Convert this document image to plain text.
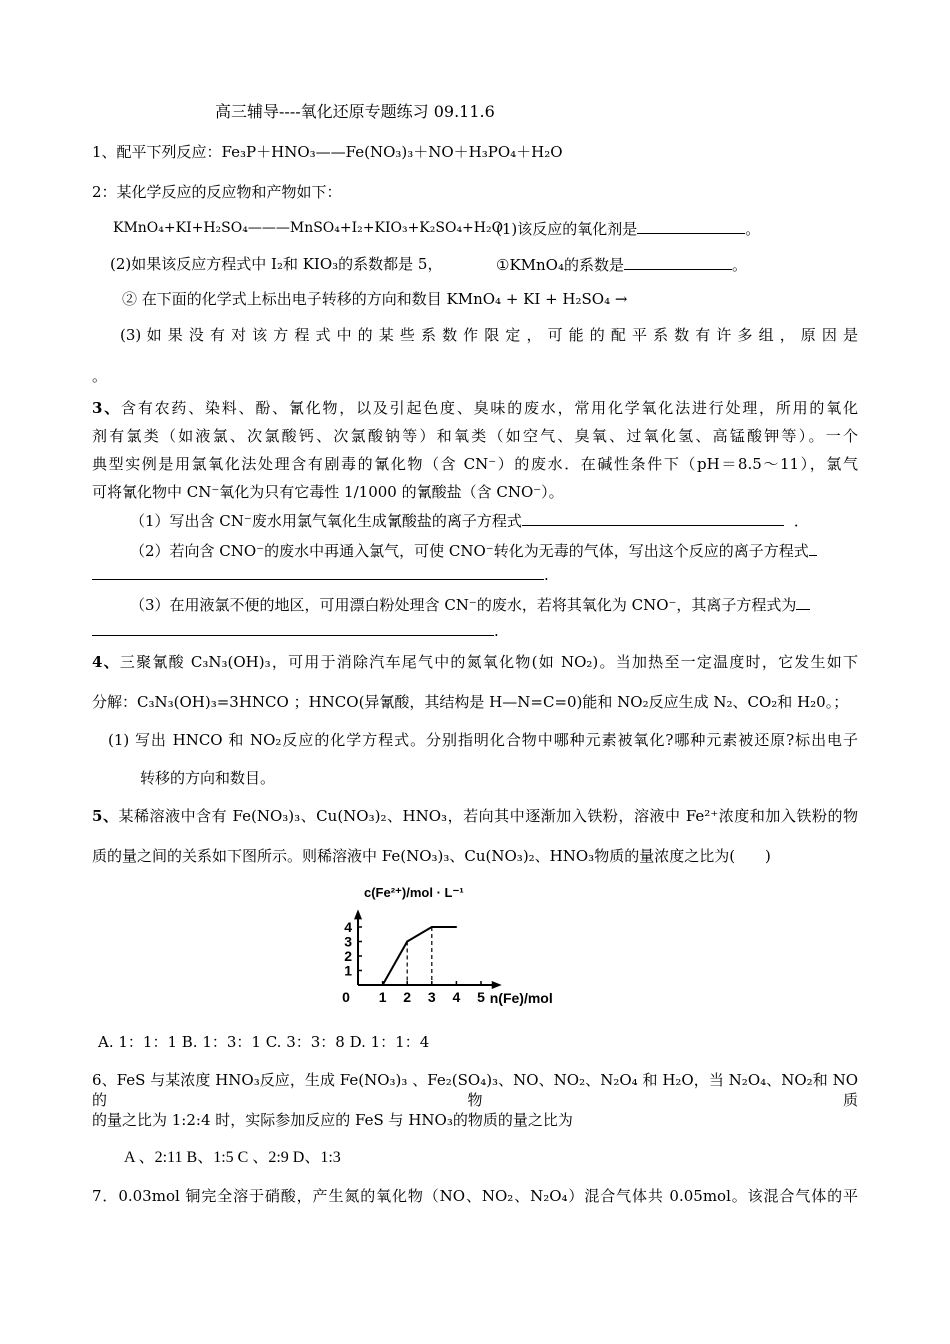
高三辅导----氧化还原专题练习 09.11.6
1、配平下列反应：Fe₃P＋HNO₃——Fe(NO₃)₃＋NO＋H₃PO₄＋H₂O
2：某化学反应的反应物和产物如下：
KMnO₄+KI+H₂SO₄———MnSO₄+I₂+KIO₃+K₂SO₄+H₂O
(1)该反应的氧化剂是	。
(2)如果该反应方程式中 I₂和 KIO₃的系数都是 5，	①KMnO₄的系数是	。
② 在下面的化学式上标出电子转移的方向和数目 KMnO₄ + KI + H₂SO₄ →
(3) 如 果 没 有 对 该 方 程 式 中 的 某 些 系 数 作 限 定 ， 可 能 的 配 平 系 数 有 许 多 组 ， 原 因 是
。
3、含有农药、染料、酚、氰化物，以及引起色度、臭味的废水，常用化学氧化法进行处理，所用的氧化
剂有氯类（如液氯、次氯酸钙、次氯酸钠等）和氧类（如空气、臭氧、过氧化氢、高锰酸钾等）。一个
典型实例是用氯氧化法处理含有剧毒的氰化物（含 CN⁻）的废水．在碱性条件下（pH＝8.5～11），氯气
可将氰化物中 CN⁻氧化为只有它毒性 1/1000 的氰酸盐（含 CNO⁻）。
（1）写出含 CN⁻废水用氯气氧化生成氰酸盐的离子方程式	．
（2）若向含 CNO⁻的废水中再通入氯气，可使 CNO⁻转化为无毒的气体，写出这个反应的离子方程式
.
（3）在用液氯不便的地区，可用漂白粉处理含 CN⁻的废水，若将其氧化为 CNO⁻，其离子方程式为
.
4、三聚氰酸 C₃N₃(OH)₃，可用于消除汽车尾气中的氮氧化物(如 NO₂)。当加热至一定温度时，它发生如下
分解：C₃N₃(OH)₃=3HNCO ；HNCO(异氰酸，其结构是 H—N=C=0)能和 NO₂反应生成 N₂、CO₂和 H₂0。；
(1) 写出 HNCO 和 NO₂反应的化学方程式。分别指明化合物中哪种元素被氧化?哪种元素被还原?标出电子
转移的方向和数目。
5、某稀溶液中含有 Fe(NO₃)₃、Cu(NO₃)₂、HNO₃，若向其中逐渐加入铁粉，溶液中 Fe²⁺浓度和加入铁粉的物
质的量之间的关系如下图所示。则稀溶液中 Fe(NO₃)₃、Cu(NO₃)₂、HNO₃物质的量浓度之比为(　　)
1 2 3 4 5
1
2
3
4
0
c(Fe²⁺)/mol · L⁻¹
n(Fe)/mol
A. 1：1：1 B. 1：3：1 C. 3：3：8 D. 1：1：4
6、FeS 与某浓度 HNO₃反应，生成 Fe(NO₃)₃ 、Fe₂(SO₄)₃、NO、NO₂、N₂O₄ 和 H₂O，当 N₂O₄、NO₂和 NO 的物质
的量之比为 1:2:4 时，实际参加反应的 FeS 与 HNO₃的物质的量之比为
A 、2:11 B、1:5 C 、2:9 D、1:3
7．0.03mol 铜完全溶于硝酸，产生氮的氧化物（NO、NO₂、N₂O₄）混合气体共 0.05mol。该混合气体的平
